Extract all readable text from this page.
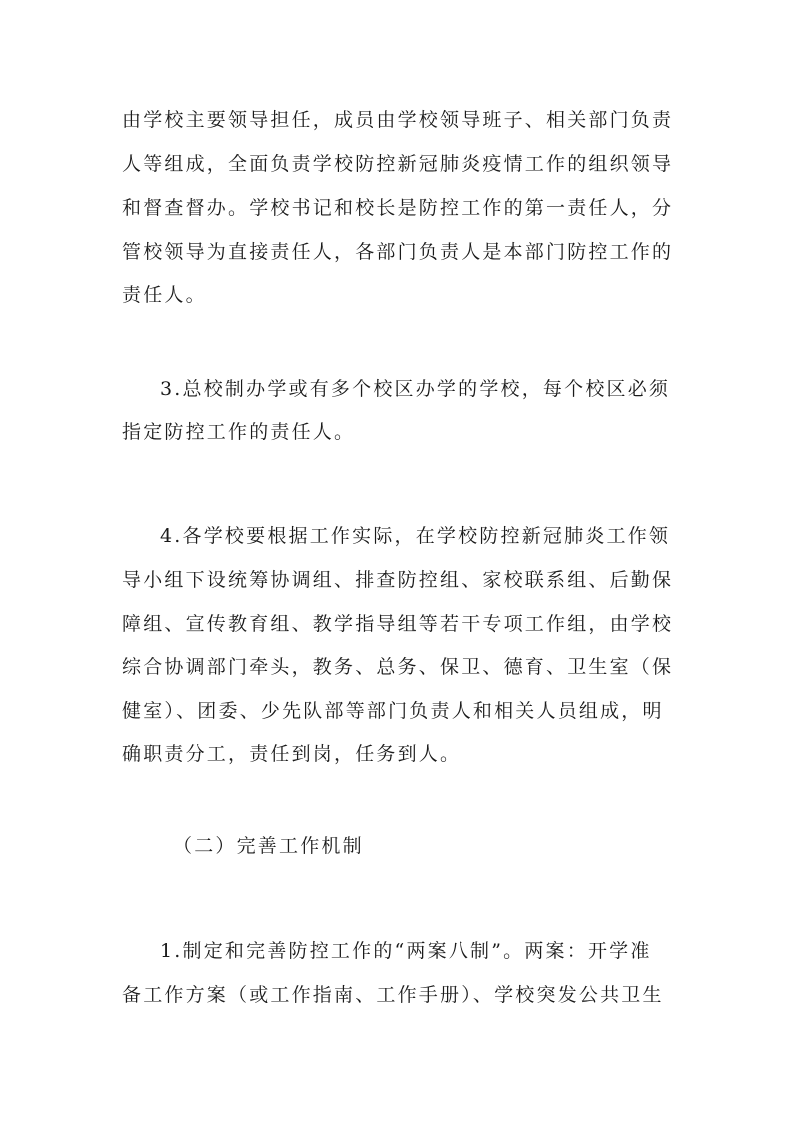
由学校主要领导担任，成员由学校领导班子、相关部门负责
人等组成，全面负责学校防控新冠肺炎疫情工作的组织领导
和督查督办。学校书记和校长是防控工作的第一责任人，分
管校领导为直接责任人，各部门负责人是本部门防控工作的
责任人。
3.总校制办学或有多个校区办学的学校，每个校区必须
指定防控工作的责任人。
4.各学校要根据工作实际，在学校防控新冠肺炎工作领
导小组下设统筹协调组、排查防控组、家校联系组、后勤保
障组、宣传教育组、教学指导组等若干专项工作组，由学校
综合协调部门牵头，教务、总务、保卫、德育、卫生室（保
健室）、团委、少先队部等部门负责人和相关人员组成，明
确职责分工，责任到岗，任务到人。
（二）完善工作机制
1.制定和完善防控工作的“两案八制”。两案：开学准
备工作方案（或工作指南、工作手册）、学校突发公共卫生
